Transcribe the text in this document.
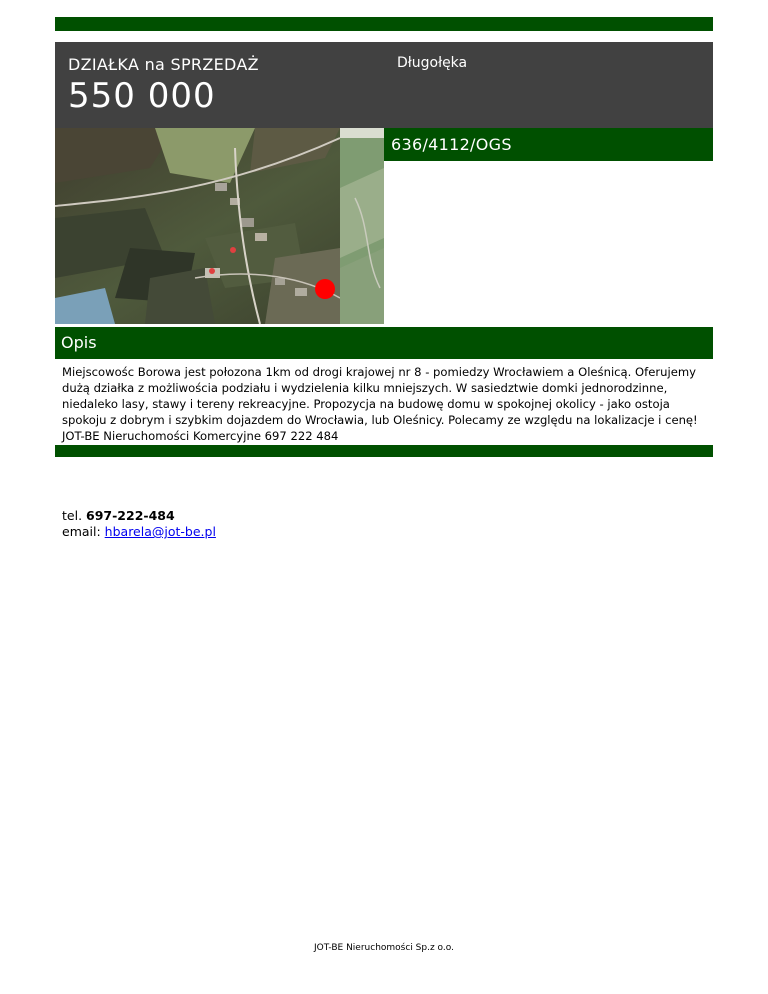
DZIAŁKA na SPRZEDAŻ
550 000
Długołęka
636/4112/OGS
Opis
Miejscowośc Borowa jest połozona 1km od drogi krajowej nr 8 - pomiedzy Wrocławiem a Oleśnicą. Oferujemy dużą działka z możliwościa podziału i wydzielenia kilku mniejszych. W sasiedztwie domki jednorodzinne, niedaleko lasy, stawy i tereny rekreacyjne. Propozycja na budowę domu w spokojnej okolicy - jako ostoja spokoju z dobrym i szybkim dojazdem do Wrocławia, lub Oleśnicy. Polecamy ze względu na lokalizacje i cenę! JOT-BE Nieruchomości Komercyjne 697 222 484
tel. 697-222-484
email: hbarela@jot-be.pl
JOT-BE Nieruchomości Sp.z o.o.
